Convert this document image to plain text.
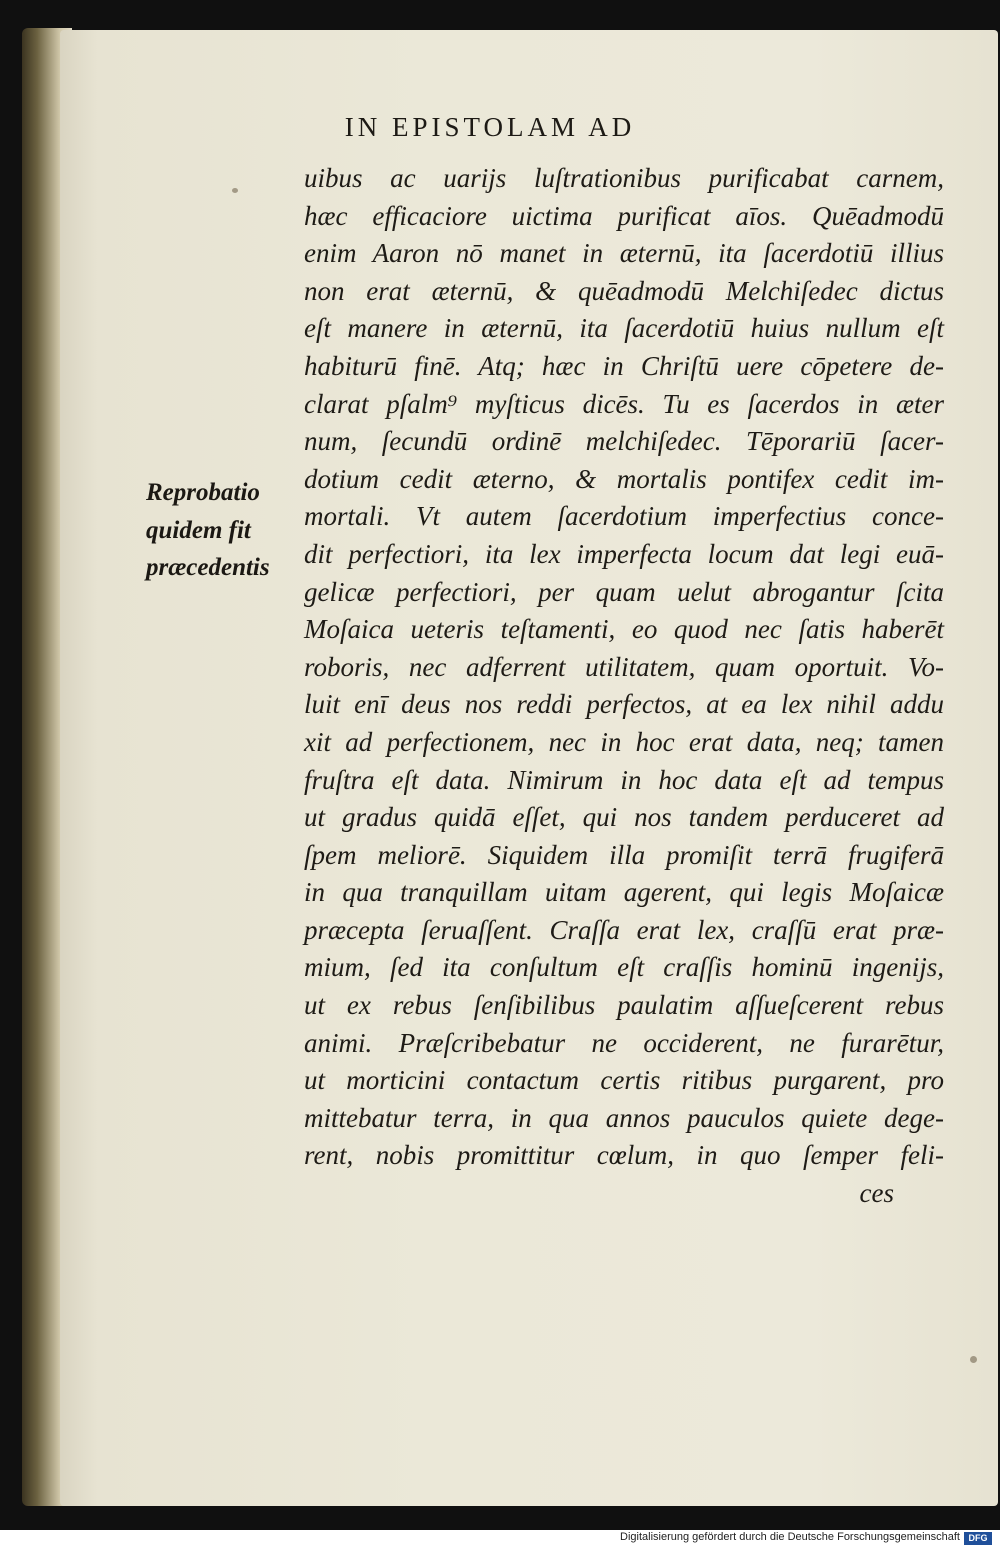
IN EPISTOLAM AD
Reprobatio
quidem fit
præcedentis
uibus ac uarijs luſtrationibus purificabat carnem,
hæc efficaciore uictima purificat aīos. Quēadmodū
enim Aaron nō manet in æternū, ita ſacerdotiū illius
non erat æternū, & quēadmodū Melchiſedec dictus
eſt manere in æternū, ita ſacerdotiū huius nullum eſt
habiturū finē. Atq; hæc in Chriſtū uere cōpetere de-
clarat pſalm⁹ myſticus dicēs. Tu es ſacerdos in æter
num, ſecundū ordinē melchiſedec. Tēporariū ſacer-
dotium cedit æterno, & mortalis pontifex cedit im-
mortali. Vt autem ſacerdotium imperfectius conce-
dit perfectiori, ita lex imperfecta locum dat legi euā-
gelicæ perfectiori, per quam uelut abrogantur ſcita
Moſaica ueteris teſtamenti, eo quod nec ſatis haberēt
roboris, nec adferrent utilitatem, quam oportuit. Vo-
luit enī deus nos reddi perfectos, at ea lex nihil addu
xit ad perfectionem, nec in hoc erat data, neq; tamen
fruſtra eſt data. Nimirum in hoc data eſt ad tempus
ut gradus quidā eſſet, qui nos tandem perduceret ad
ſpem meliorē. Siquidem illa promiſit terrā frugiferā
in qua tranquillam uitam agerent, qui legis Moſaicæ
præcepta ſeruaſſent. Craſſa erat lex, craſſū erat præ-
mium, ſed ita conſultum eſt craſſis hominū ingenijs,
ut ex rebus ſenſibilibus paulatim aſſueſcerent rebus
animi. Præſcribebatur ne occiderent, ne furarētur,
ut morticini contactum certis ritibus purgarent, pro
mittebatur terra, in qua annos pauculos quiete dege-
rent, nobis promittitur cœlum, in quo ſemper feli-
ces
Digitalisierung gefördert durch die Deutsche Forschungsgemeinschaft DFG
